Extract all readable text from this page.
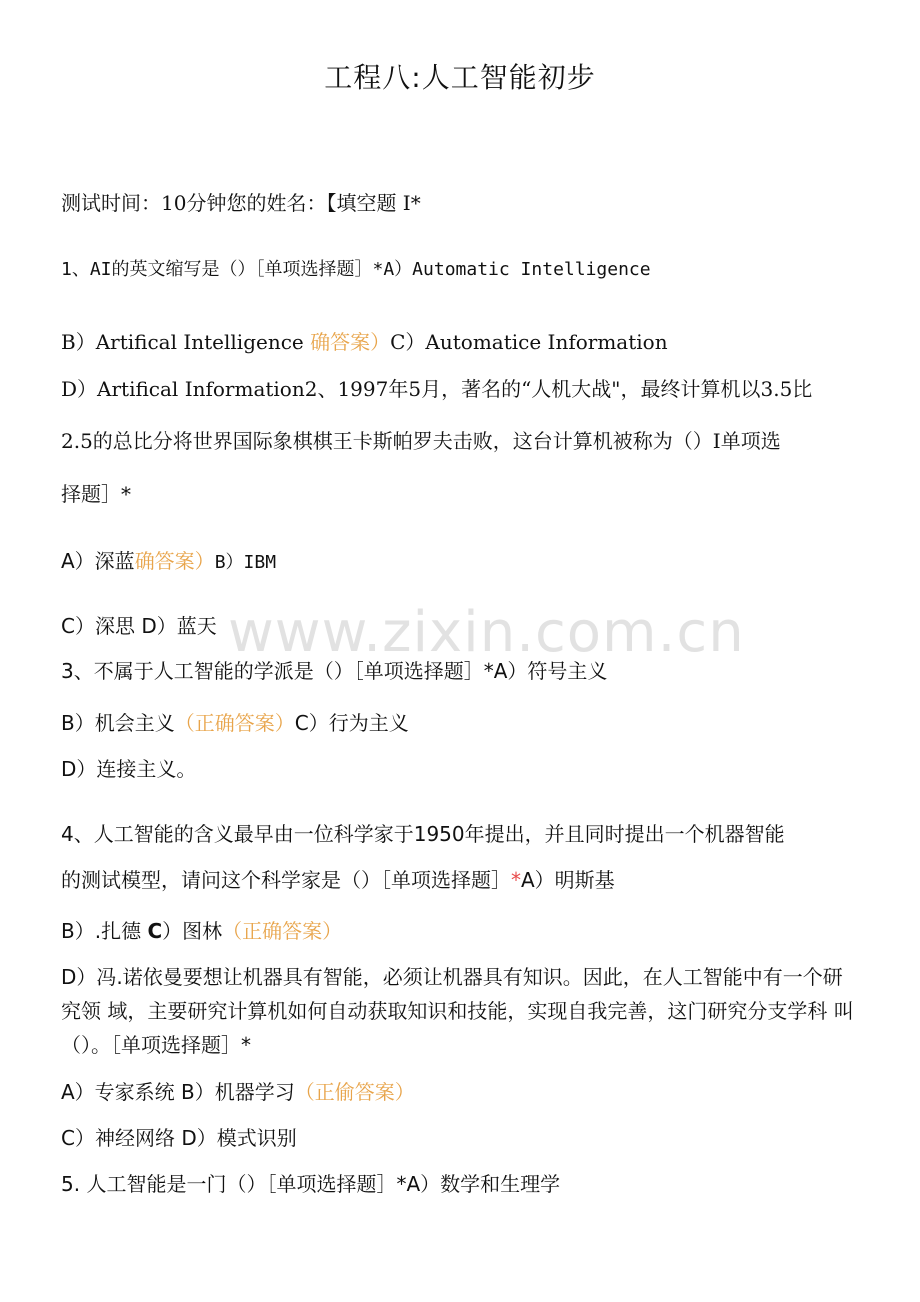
工程八:人工智能初步
测试时间：10分钟您的姓名：【填空题 I*
1、AI的英文缩写是（）［单项选择题］*A）Automatic Intelligence
B）Artifical Intelligence 确答案）C）Automatice Information
D）Artifical Information2、1997年5月，著名的“人机大战"，最终计算机以3.5比
2.5的总比分将世界国际象棋棋王卡斯帕罗夫击败，这台计算机被称为（）I单项选
择题］*
A）深蓝确答案）B）IBM
C）深思 D）蓝天
3、不属于人工智能的学派是（）［单项选择题］*A）符号主义
B）机会主义（正确答案）C）行为主义
D）连接主义。
4、人工智能的含义最早由一位科学家于1950年提出，并且同时提出一个机器智能
的测试模型，请问这个科学家是（）［单项选择题］*A）明斯基
B）.扎德 C）图林（正确答案）
D）冯.诺依曼要想让机器具有智能，必须让机器具有知识。因此，在人工智能中有一个研究领 域，主要研究计算机如何自动获取知识和技能，实现自我完善，这门研究分支学科 叫（）。［单项选择题］*
A）专家系统 B）机器学习（正偷答案）
C）神经网络 D）模式识别
5. 人工智能是一门（）［单项选择题］*A）数学和生理学
www.zixin.com.cn
